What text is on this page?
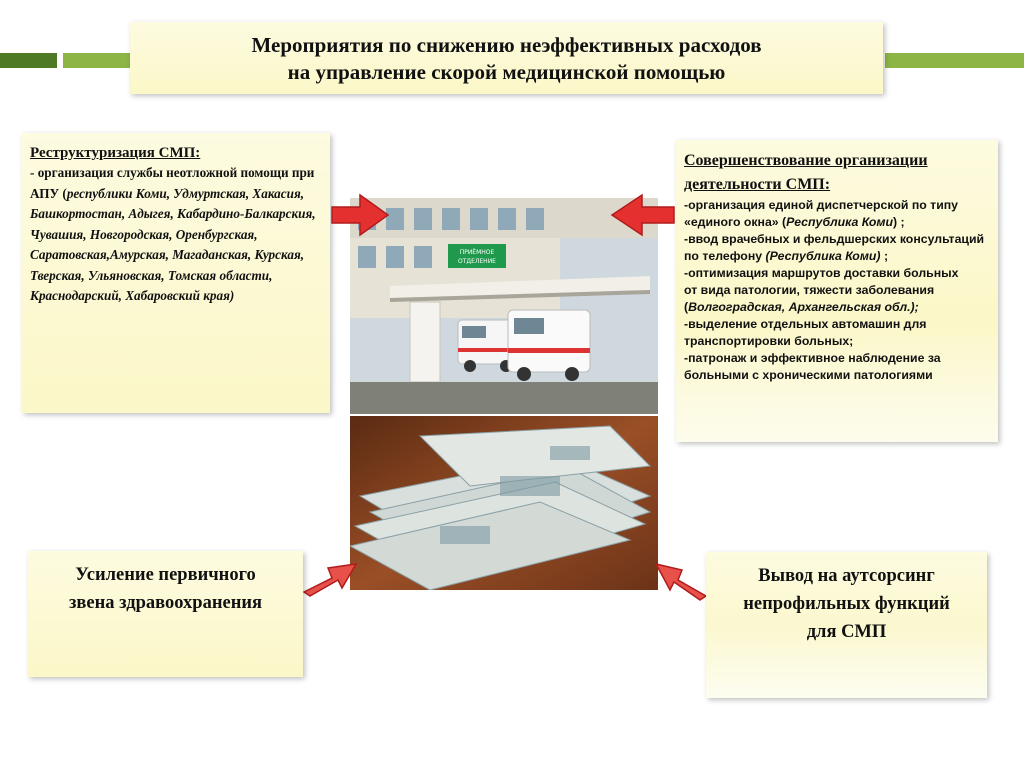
Мероприятия по снижению неэффективных расходов
на управление скорой медицинской помощью
Реструктуризация СМП:
- организация службы неотложной помощи при АПУ (республики Коми, Удмуртская, Хакасия, Башкортостан, Адыгея, Кабардино-Балкарския, Чувашия, Новгородская, Оренбургская, Саратовская,Амурская, Магаданская, Курская, Тверская, Ульяновская, Томская области, Краснодарский, Хабаровский края)
Совершенствование организации деятельности СМП:
-организация единой диспетчерской по типу «единого окна» (Республика Коми) ;
-ввод врачебных и фельдшерских консультаций по телефону (Республика Коми) ;
-оптимизация маршрутов доставки больных
от вида патологии, тяжести заболевания (Волгоградская, Архангельская обл.);
-выделение отдельных автомашин для транспортировки больных;
-патронаж и эффективное наблюдение за больными с хроническими патологиями
ПРИЁМНОЕ
ОТДЕЛЕНИЕ
Усиление первичного
звена здравоохранения
Вывод на аутсорсинг
непрофильных функций
для СМП
